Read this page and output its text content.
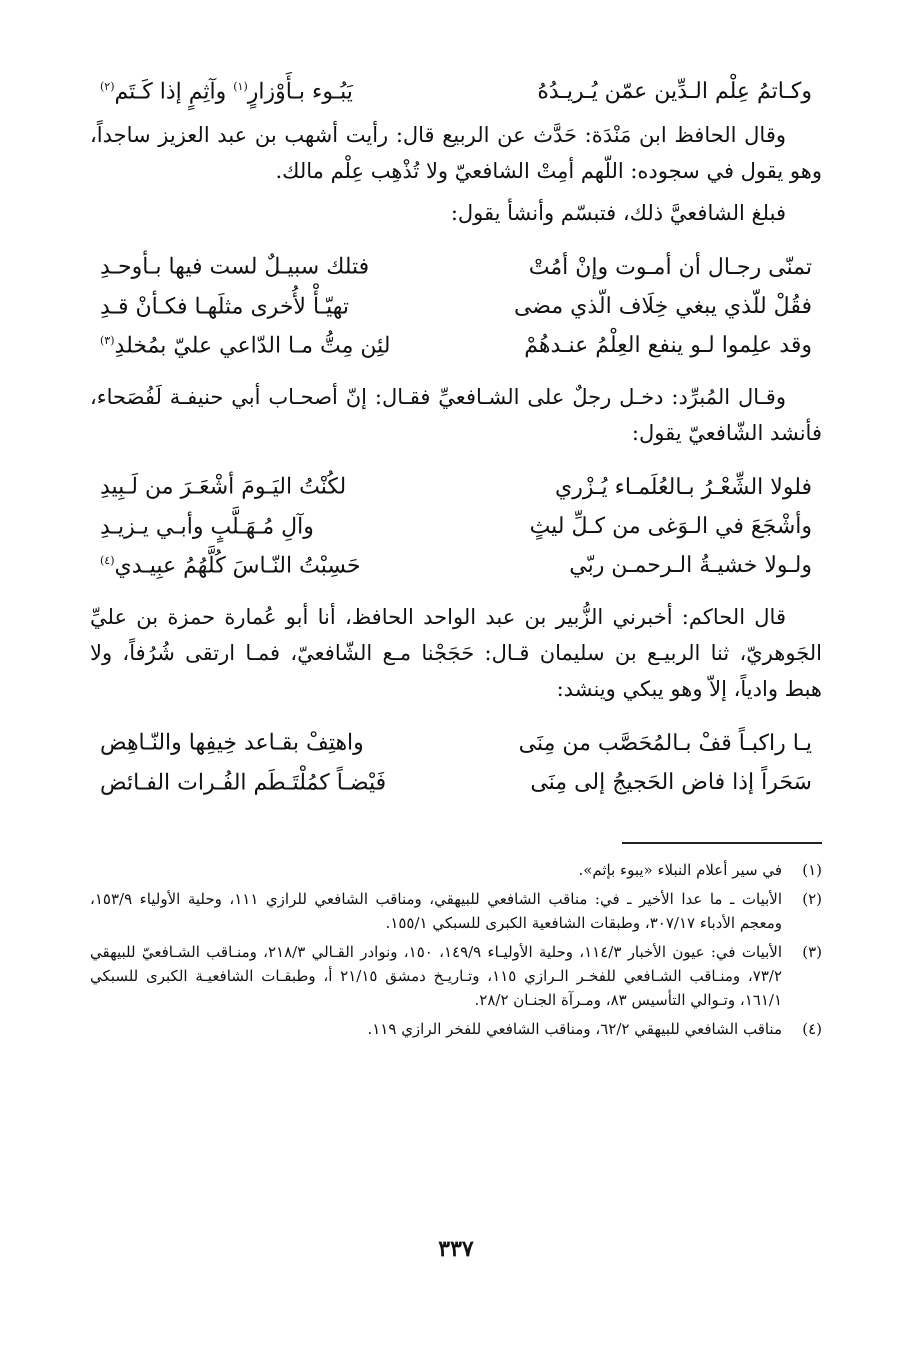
وكـاتمُ عِلْم الـدِّين عمّن يُـريـدُهُ
يَبُـوء بـأَوْزارٍ$^{(١)}$ وآثِمٍ إذا كَـتَم$^{(٢)}$

وقال الحافظ ابن مَنْدَة: حَدَّث عن الربيع قال: رأيت أشهب بن عبد العزيز ساجداً، وهو يقول في سجوده: اللّهم أمِتْ الشافعيّ ولا تُذْهِب عِلْم مالك.

فبلغ الشافعيَّ ذلك، فتبسّم وأنشأ يقول:

تمنّى رجـال أن أمـوت وإنْ أمُتْ
فتلك سبيـلٌ لست فيها بـأوحـدِ
فقُلْ للّذي يبغي خِلَاف الّذي مضى
تهيّـأْ لأُخرى مثلَهـا فكـأنْ قـدِ
وقد علِموا لـو ينفع العِلْمُ عنـدهُمْ
لئِن مِتُّ مـا الدّاعي عليّ بمُخلدِ$^{(٣)}$

وقـال المُبرِّد: دخـل رجلٌ على الشـافعيِّ فقـال: إنّ أصحـاب أبي حنيفـة لَفُصَحاء، فأنشد الشّافعيّ يقول:

فلولا الشِّعْـرُ بـالعُلَمـاء يُـزْري
لكُنْتُ اليَـومَ أشْعَـرَ من لَـبِيدِ
وأشْجَعَ في الـوَغى من كـلِّ ليثٍ
وآلِ مُـهَـلَّبٍ وأبـي يـزيـدِ
ولـولا خشيـةُ الـرحمـن ربّي
حَسِبْتُ النّـاسَ كُلَّهُمُ عبِيـدي$^{(٤)}$

قال الحاكم: أخبرني الزُّبير بن عبد الواحد الحافظ، أنا أبو عُمارة حمزة بن عليِّ الجَوهريّ، ثنا الربيـع بن سليمان قـال: حَجَجْنا مـع الشّافعيّ، فمـا ارتقى شُرُفاً، ولا هبط وادياً، إلاّ وهو يبكي وينشد:

يـا راكبـاً قفْ بـالمُحَصَّب من مِنَى
واهتِفْ بقـاعد خِيفِها والنّـاهِض
سَحَراً إذا فاض الحَجيجُ إلى مِنَى
فَيْضـاً كمُلْتَـطَم الفُـرات الفـائض
(١)
في سير أعلام النبلاء «يبوء بإثم».
(٢)
الأبيات ـ ما عدا الأخير ـ في: مناقب الشافعي للبيهقي، ومناقب الشافعي للرازي ١١١، وحلية الأولياء ١٥٣/٩، ومعجم الأدباء ٣٠٧/١٧، وطبقات الشافعية الكبرى للسبكي ١٥٥/١.
(٣)
الأبيات في: عيون الأخبار ١١٤/٣، وحلية الأوليـاء ١٤٩/٩، ١٥٠، ونوادر القـالي ٢١٨/٣، ومنـاقب الشـافعيّ للبيهقي ٧٣/٢، ومنـاقب الشـافعي للفخـر الـرازي ١١٥، وتـاريـخ دمشق ٢١/١٥ أ، وطبقـات الشافعيـة الكبرى للسبكي ١٦١/١، وتـوالي التأسيس ٨٣، ومـرآة الجنـان ٢٨/٢.
(٤)
مناقب الشافعي للبيهقي ٦٢/٢، ومناقب الشافعي للفخر الرازي ١١٩.
٣٣٧
